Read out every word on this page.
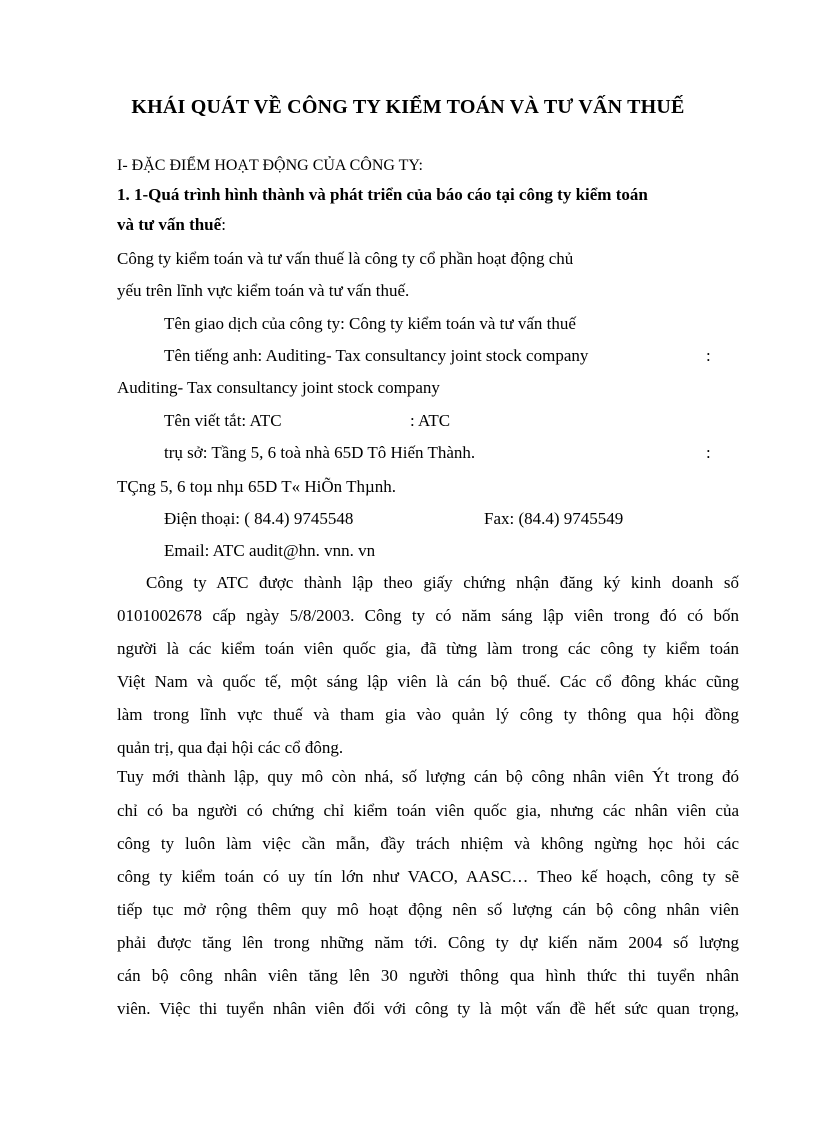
KHÁI QUÁT VỀ CÔNG TY KIỂM TOÁN VÀ TƯ VẤN THUẾ
I- ĐẶC ĐIỂM HOẠT ĐỘNG CỦA CÔNG TY:
1. 1-Quá trình hình thành và phát triển của báo cáo tại công ty kiểm toán
và tư vấn thuế:
Công ty kiểm toán và tư vấn thuế là công ty cổ phần hoạt động chủ
yếu trên lĩnh vực kiểm toán và tư vấn thuế.
Tên giao dịch của công ty: Công ty kiểm toán và tư vấn thuế
Tên tiếng anh: Auditing- Tax consultancy joint stock company	:
Auditing- Tax consultancy joint stock company
Tên viết tắt: ATC	: ATC
trụ sở: Tầng 5, 6 toà nhà 65D Tô Hiến Thành.	:
TÇng 5, 6 toµ nhµ 65D T« HiÕn Thµnh.
Điện thoại: ( 84.4) 9745548	Fax: (84.4) 9745549
Email: ATC audit@hn. vnn. vn
Công ty ATC được thành lập theo giấy chứng nhận đăng ký kinh doanh số
0101002678 cấp ngày 5/8/2003. Công ty có năm sáng lập viên trong đó có bốn
người là các kiểm toán viên quốc gia, đã từng làm trong các công ty kiểm toán
Việt Nam và quốc tế, một sáng lập viên là cán bộ thuế. Các cổ đông khác cũng
làm trong lĩnh vực thuế và tham gia vào quản lý công ty thông qua hội đồng
quản trị, qua đại hội các cổ đông.
Tuy mới thành lập, quy mô còn nhá, số lượng cán bộ công nhân viên Ýt trong đó
chỉ có ba người có chứng chỉ kiểm toán viên quốc gia, nhưng các nhân viên của
công ty luôn làm việc cần mẫn, đầy trách nhiệm và không ngừng học hỏi các
công ty kiểm toán có uy tín lớn như VACO, AASC… Theo kế hoạch, công ty sẽ
tiếp tục mở rộng thêm quy mô hoạt động nên số lượng cán bộ công nhân viên
phải được tăng lên trong những năm tới. Công ty dự kiến năm 2004 số lượng
cán bộ công nhân viên tăng lên 30 người thông qua hình thức thi tuyển nhân
viên. Việc thi tuyển nhân viên đối với công ty là một vấn đề hết sức quan trọng,
